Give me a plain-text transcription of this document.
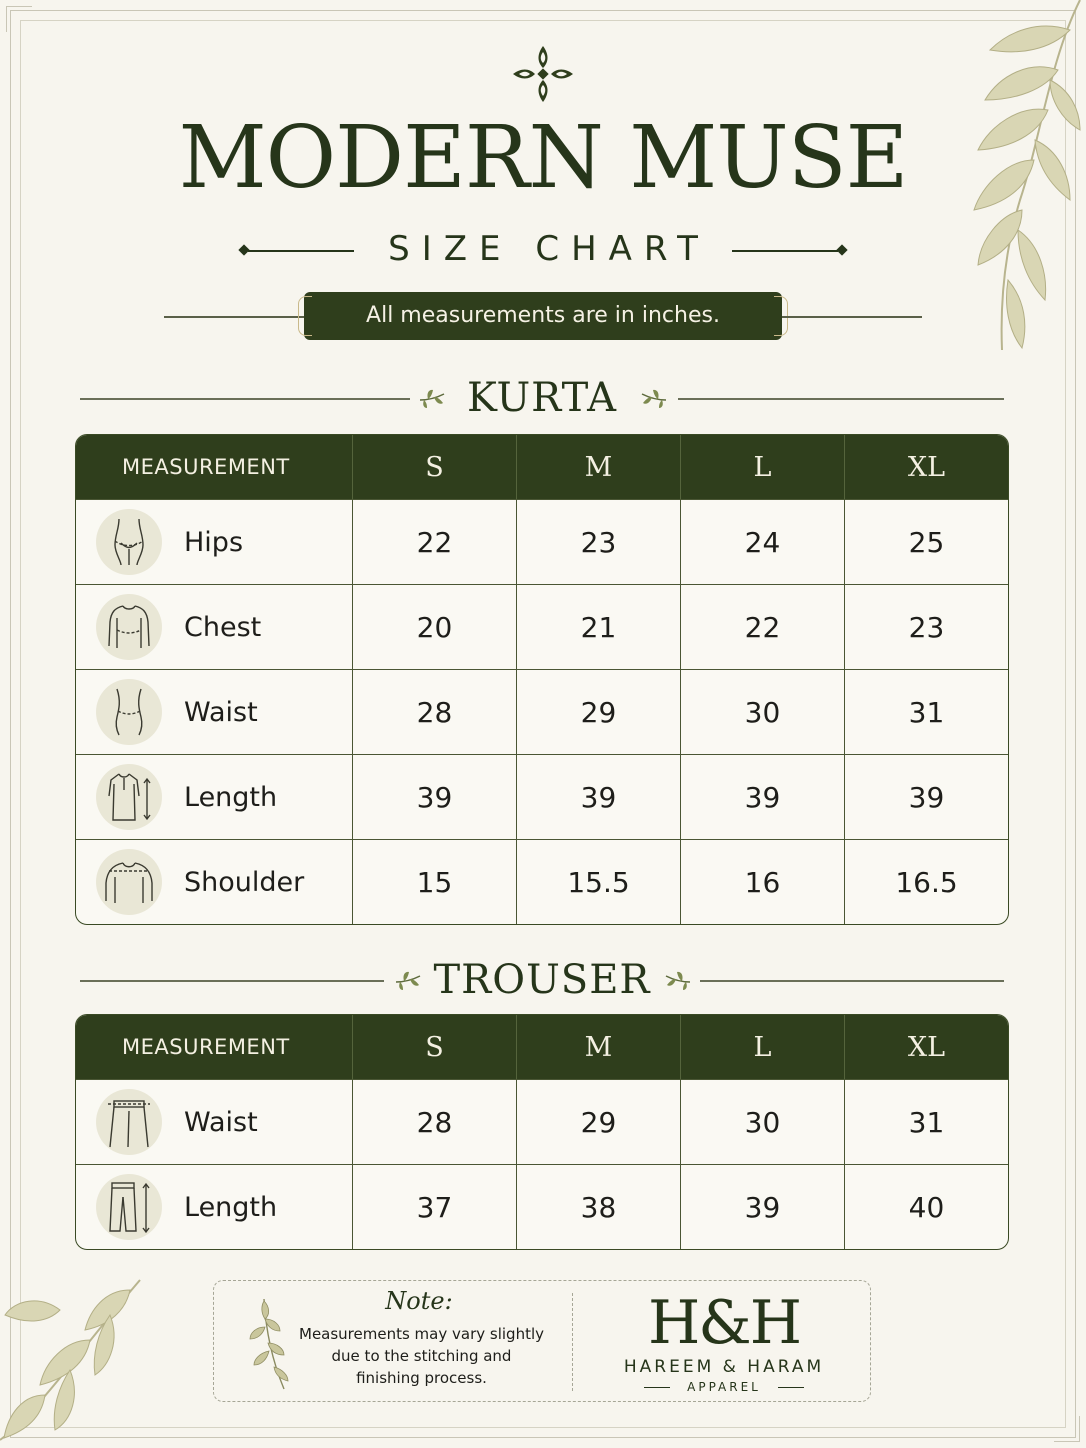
MODERN MUSE
SIZE CHART
All measurements are in inches.
KURTA
MEASUREMENT	S	M	L	XL
Hips	22	23	24	25
Chest	20	21	22	23
Waist	28	29	30	31
Length	39	39	39	39
Shoulder	15	15.5	16	16.5
TROUSER
MEASUREMENT	S	M	L	XL
Waist	28	29	30	31
Length	37	38	39	40
Note:
Measurements may vary slightly
due to the stitching and
finishing process.
H&H
HAREEM & HARAM
APPAREL
